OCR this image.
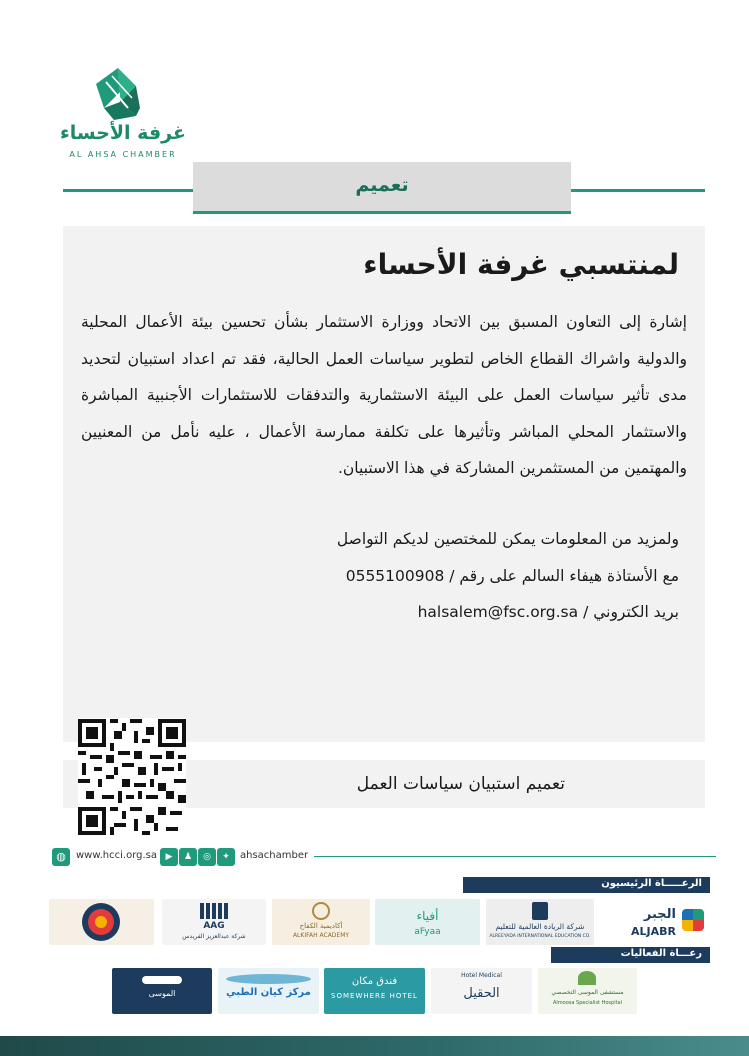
غرفة الأحساء
AL AHSA CHAMBER
تعميم
لمنتسبي غرفة الأحساء
إشارة إلى التعاون المسبق بين الاتحاد ووزارة الاستثمار بشأن تحسين بيئة الأعمال المحلية والدولية واشراك القطاع الخاص لتطوير سياسات العمل الحالية، فقد تم اعداد استبيان لتحديد مدى تأثير سياسات العمل على البيئة الاستثمارية والتدفقات للاستثمارات الأجنبية المباشرة والاستثمار المحلي المباشر وتأثيرها على تكلفة ممارسة الأعمال ، عليه نأمل من المعنيين والمهتمين من المستثمرين المشاركة في هذا الاستبيان.
ولمزيد من المعلومات يمكن للمختصين لديكم التواصل
مع الأستاذة هيفاء السالم على رقم / 0555100908
بريد الكتروني / halsalem@fsc.org.sa
تعميم استبيان سياسات العمل
◍	www.hcci.org.sa ▶	♟	◎	✦	ahsachamber
الرعـــــاة الرئيسيون
الجبر
ALJABR
شركة الريادة العالمية للتعليم
ALREEYADA INTERNATIONAL EDUCATION CO.
أفياء
aFyaa
أكاديمية الكفاح
ALKIFAH ACADEMY
AAG
شركة عبدالعزيز الفريدس
رعـــاة الفعاليات
مستشفى الموسى التخصصي
Almoosa Specialist Hospital
Hotel Medical
الحقيل
فندق مكان
SOMEWHERE HOTEL
مركز كيان الطبي
الموسى
